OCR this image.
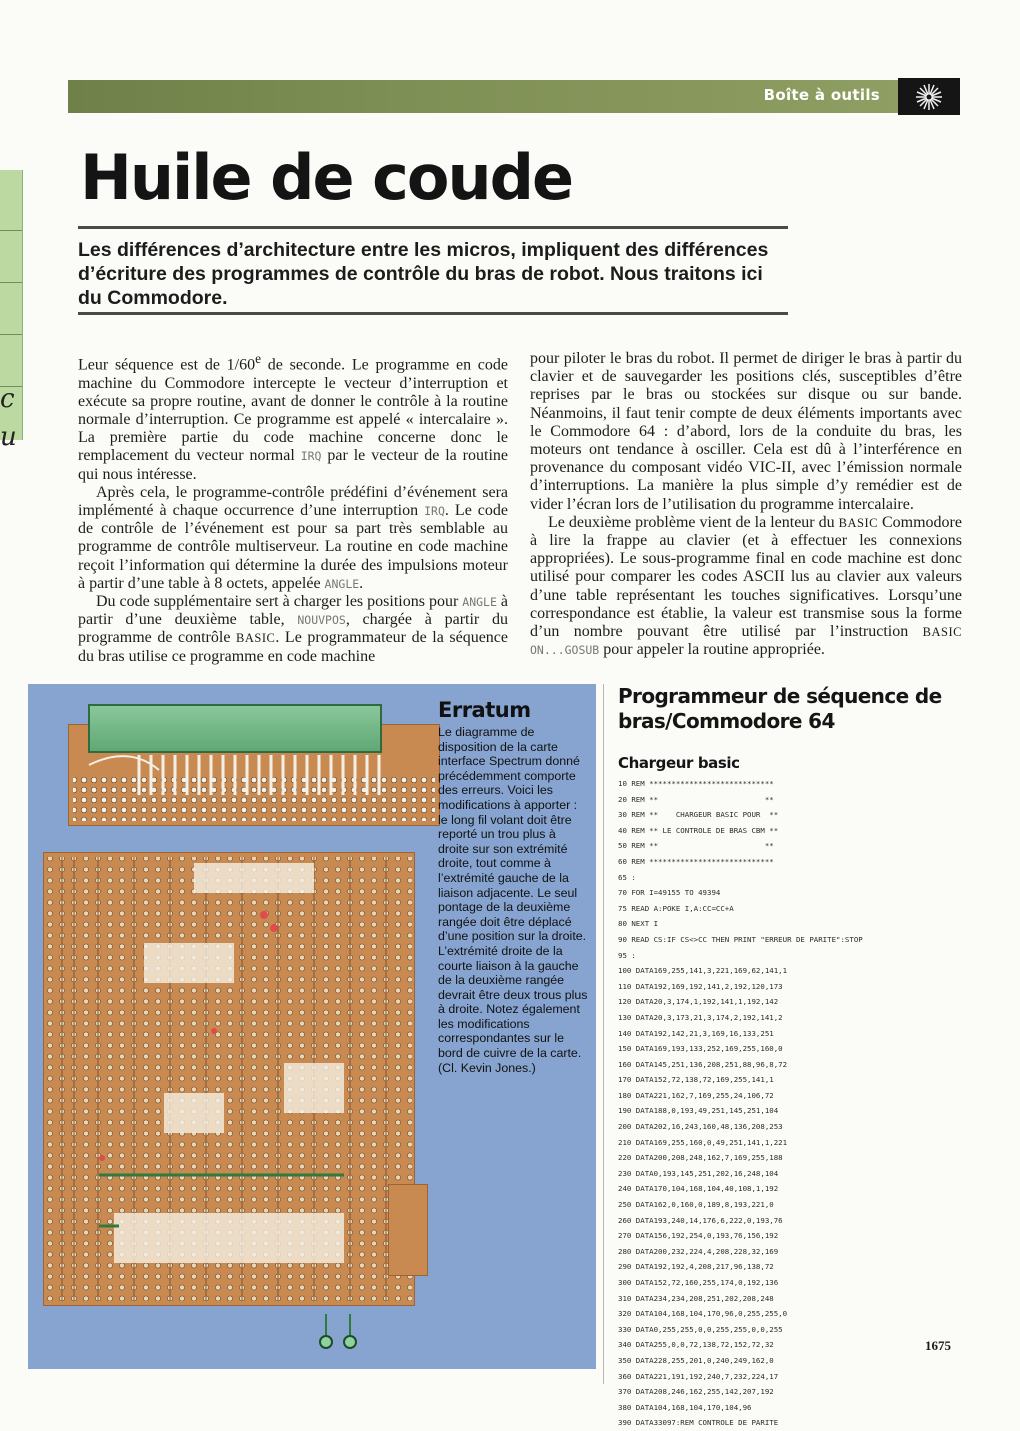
c
u
Boîte à outils
Huile de coude

Les différences d’architecture entre les micros, impliquent des différences d’écriture des programmes de contrôle du bras de robot. Nous traitons ici du Commodore.

Leur séquence est de 1/60e de seconde. Le programme en code machine du Commodore intercepte le vecteur d’interruption et exécute sa propre routine, avant de donner le contrôle à la routine normale d’interruption. Ce programme est appelé « intercalaire ». La première partie du code machine concerne donc le remplacement du vecteur normal IRQ par le vecteur de la routine qui nous intéresse.

Après cela, le programme-contrôle prédéfini d’événement sera implémenté à chaque occurrence d’une interruption IRQ. Le code de contrôle de l’événement est pour sa part très semblable au programme de contrôle multiserveur. La routine en code machine reçoit l’information qui détermine la durée des impulsions moteur à partir d’une table à 8 octets, appelée ANGLE.

Du code supplémentaire sert à charger les positions pour ANGLE à partir d’une deuxième table, NOUVPOS, chargée à partir du programme de contrôle BASIC. Le programmateur de la séquence du bras utilise ce programme en code machine

pour piloter le bras du robot. Il permet de diriger le bras à partir du clavier et de sauvegarder les positions clés, susceptibles d’être reprises par le bras ou stockées sur disque ou sur bande. Néanmoins, il faut tenir compte de deux éléments importants avec le Commodore 64 : d’abord, lors de la conduite du bras, les moteurs ont tendance à osciller. Cela est dû à l’interférence en provenance du composant vidéo VIC-II, avec l’émission normale d’interruptions. La manière la plus simple d’y remédier est de vider l’écran lors de l’utilisation du programme intercalaire.

Le deuxième problème vient de la lenteur du BASIC Commodore à lire la frappe au clavier (et à effectuer les connexions appropriées). Le sous-programme final en code machine est donc utilisé pour comparer les codes ASCII lus au clavier aux valeurs d’une table représentant les touches significatives. Lorsqu’une correspondance est établie, la valeur est transmise sous la forme d’un nombre pouvant être utilisé par l’instruction BASIC ON...GOSUB pour appeler la routine appropriée.

Erratum

Le diagramme de disposition de la carte interface Spectrum donné précédemment comporte des erreurs. Voici les modifications à apporter : le long fil volant doit être reporté un trou plus à droite sur son extrémité droite, tout comme à l’extrémité gauche de la liaison adjacente. Le seul pontage de la deuxième rangée doit être déplacé d’une position sur la droite. L’extrémité droite de la courte liaison à la gauche de la deuxième rangée devrait être deux trous plus à droite. Notez également les modifications correspondantes sur le bord de cuivre de la carte.
(Cl. Kevin Jones.)

Programmeur de séquence de bras/Commodore 64
Chargeur basic
10 REM ****************************
20 REM **                        **
30 REM **    CHARGEUR BASIC POUR  **
40 REM ** LE CONTROLE DE BRAS CBM **
50 REM **                        **
60 REM ****************************
65 :
70 FOR I=49155 TO 49394
75 READ A:POKE I,A:CC=CC+A
80 NEXT I
90 READ CS:IF CS<>CC THEN PRINT "ERREUR DE PARITE":STOP
95 :
100 DATA169,255,141,3,221,169,62,141,1
110 DATA192,169,192,141,2,192,120,173
120 DATA20,3,174,1,192,141,1,192,142
130 DATA20,3,173,21,3,174,2,192,141,2
140 DATA192,142,21,3,169,16,133,251
150 DATA169,193,133,252,169,255,160,0
160 DATA145,251,136,208,251,88,96,8,72
170 DATA152,72,138,72,169,255,141,1
180 DATA221,162,7,169,255,24,106,72
190 DATA188,0,193,49,251,145,251,104
200 DATA202,16,243,160,48,136,208,253
210 DATA169,255,160,0,49,251,141,1,221
220 DATA200,208,248,162,7,169,255,188
230 DATA0,193,145,251,202,16,248,104
240 DATA170,104,168,104,40,108,1,192
250 DATA162,0,160,0,189,8,193,221,0
260 DATA193,240,14,176,6,222,0,193,76
270 DATA156,192,254,0,193,76,156,192
280 DATA200,232,224,4,208,228,32,169
290 DATA192,192,4,208,217,96,138,72
300 DATA152,72,160,255,174,0,192,136
310 DATA234,234,208,251,202,208,248
320 DATA104,168,104,170,96,0,255,255,0
330 DATA0,255,255,0,0,255,255,0,0,255
340 DATA255,0,0,72,138,72,152,72,32
350 DATA228,255,201,0,240,249,162,0
360 DATA221,191,192,240,7,232,224,17
370 DATA208,246,162,255,142,207,192
380 DATA104,168,104,170,104,96
390 DATA33097:REM CONTROLE DE PARITE
1675
